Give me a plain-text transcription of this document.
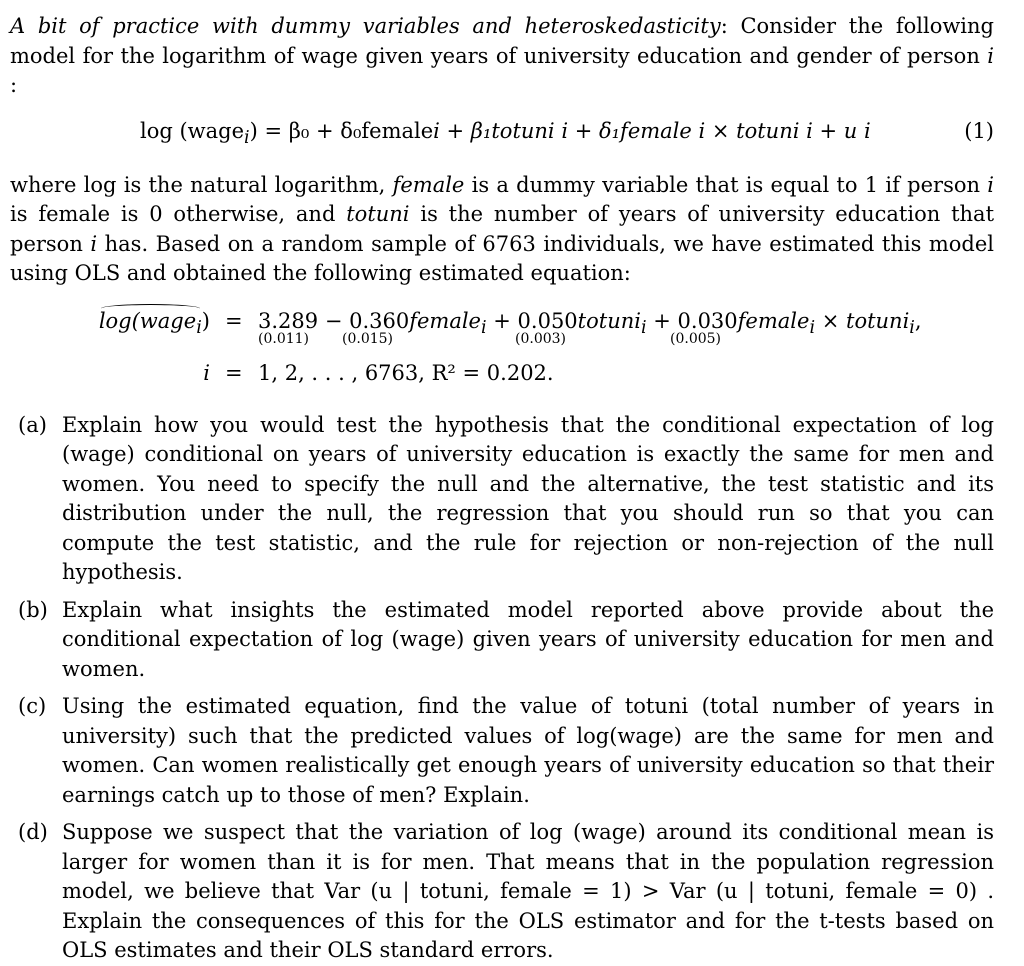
A bit of practice with dummy variables and heteroskedasticity: Consider the following model for the logarithm of wage given years of university education and gender of person i :

log (wage$_i$) = β₀ + δ₀femalei + β₁totuni i + δ₁female i × totuni i + u i	(1)

where log is the natural logarithm, female is a dummy variable that is equal to 1 if person i is female is 0 otherwise, and totuni is the number of years of university education that person i has. Based on a random sample of 6763 individuals, we have estimated this model using OLS and obtained the following estimated equation:

log(wage$_i$) = 3.289 − 0.360female$_i$ + 0.050totuni$_i$ + 0.030female$_i$ × totuni$_i$,
(0.011) (0.015)	(0.003)	(0.005)
i = 1, 2, . . . , 6763, R² = 0.202.
(a) Explain how you would test the hypothesis that the conditional expectation of log (wage) conditional on years of university education is exactly the same for men and women. You need to specify the null and the alternative, the test statistic and its distribution under the null, the regression that you should run so that you can compute the test statistic, and the rule for rejection or non-rejection of the null hypothesis.
(b) Explain what insights the estimated model reported above provide about the conditional expectation of log (wage) given years of university education for men and women.
(c) Using the estimated equation, find the value of totuni (total number of years in university) such that the predicted values of log(wage) are the same for men and women. Can women realistically get enough years of university education so that their earnings catch up to those of men? Explain.
(d) Suppose we suspect that the variation of log (wage) around its conditional mean is larger for women than it is for men. That means that in the population regression model, we believe that Var (u | totuni, female = 1) > Var (u | totuni, female = 0) . Explain the consequences of this for the OLS estimator and for the t-tests based on OLS estimates and their OLS standard errors.
